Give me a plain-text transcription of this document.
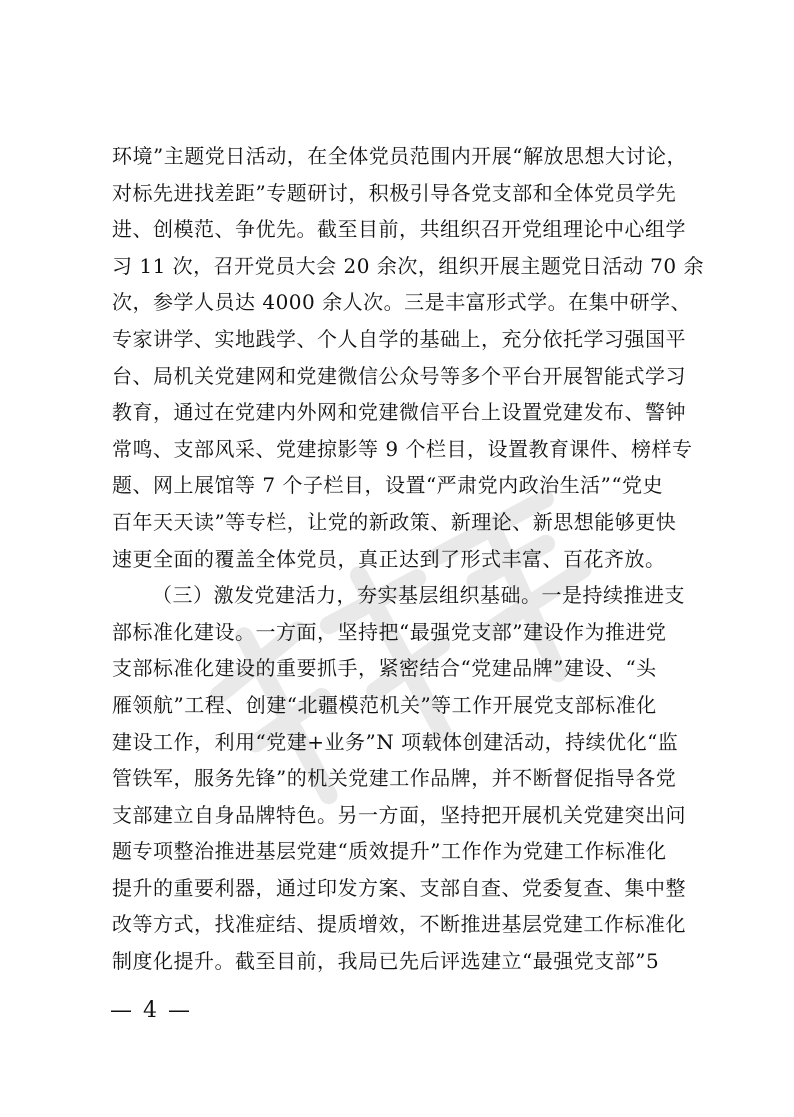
环境”主题党日活动，在全体党员范围内开展“解放思想大讨论，
对标先进找差距”专题研讨，积极引导各党支部和全体党员学先
进、创模范、争优先。截至目前，共组织召开党组理论中心组学
习 11 次，召开党员大会 20 余次，组织开展主题党日活动 70 余
次，参学人员达 4000 余人次。三是丰富形式学。在集中研学、
专家讲学、实地践学、个人自学的基础上，充分依托学习强国平
台、局机关党建网和党建微信公众号等多个平台开展智能式学习
教育，通过在党建内外网和党建微信平台上设置党建发布、警钟
常鸣、支部风采、党建掠影等 9 个栏目，设置教育课件、榜样专
题、网上展馆等 7 个子栏目，设置“严肃党内政治生活”“党史
百年天天读”等专栏，让党的新政策、新理论、新思想能够更快
速更全面的覆盖全体党员，真正达到了形式丰富、百花齐放。
（三）激发党建活力，夯实基层组织基础。一是持续推进支
部标准化建设。一方面，坚持把“最强党支部”建设作为推进党
支部标准化建设的重要抓手，紧密结合“党建品牌”建设、“头
雁领航”工程、创建“北疆模范机关”等工作开展党支部标准化
建设工作，利用“党建+业务”N 项载体创建活动，持续优化“监
管铁军，服务先锋”的机关党建工作品牌，并不断督促指导各党
支部建立自身品牌特色。另一方面，坚持把开展机关党建突出问
题专项整治推进基层党建“质效提升”工作作为党建工作标准化
提升的重要利器，通过印发方案、支部自查、党委复查、集中整
改等方式，找准症结、提质增效，不断推进基层党建工作标准化
制度化提升。截至目前，我局已先后评选建立“最强党支部”5
— 4 —
